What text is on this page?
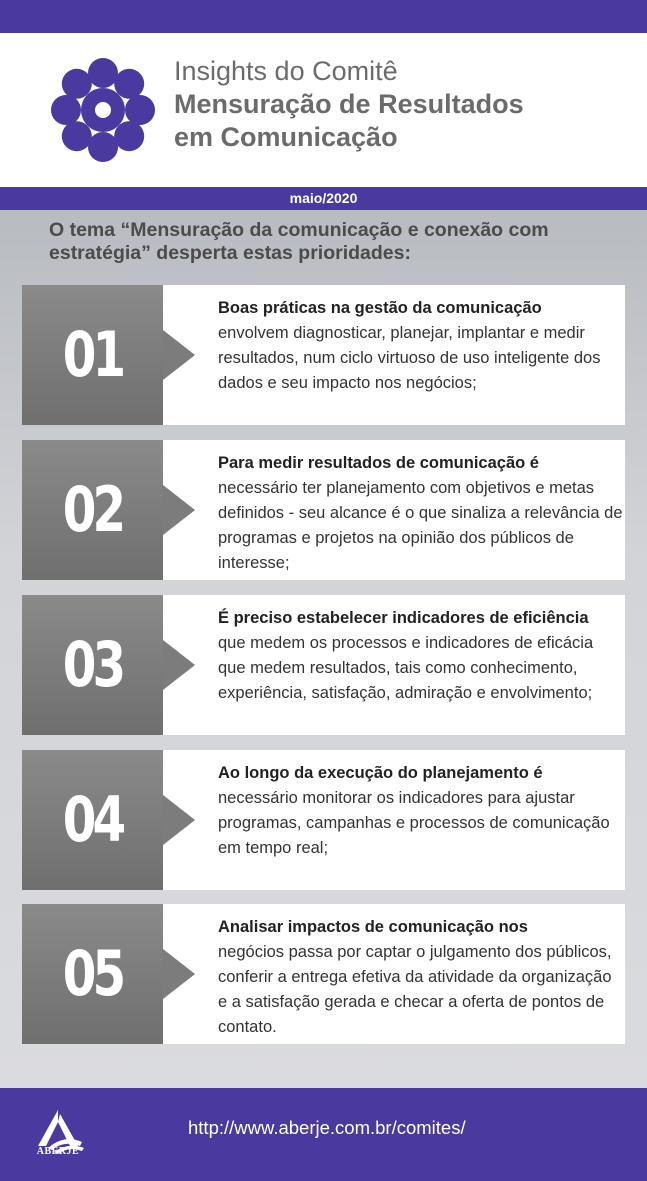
Insights do Comitê
Mensuração de Resultados
em Comunicação
maio/2020
O tema “Mensuração da comunicação e conexão com estratégia” desperta estas prioridades:
01
Boas práticas na gestão da comunicação
envolvem diagnosticar, planejar, implantar e medir resultados, num ciclo virtuoso de uso inteligente dos dados e seu impacto nos negócios;
02
Para medir resultados de comunicação é
necessário ter planejamento com objetivos e metas definidos - seu alcance é o que sinaliza a relevância de programas e projetos na opinião dos públicos de interesse;
03
É preciso estabelecer indicadores de eficiência
que medem os processos e indicadores de eficácia que medem resultados, tais como conhecimento, experiência, satisfação, admiração e envolvimento;
04
Ao longo da execução do planejamento é
necessário monitorar os indicadores para ajustar programas, campanhas e processos de comunicação em tempo real;
05
Analisar impactos de comunicação nos
negócios passa por captar o julgamento dos públicos, conferir a entrega efetiva da atividade da organização e a satisfação gerada e checar a oferta de pontos de contato.
ABERJE
http://www.aberje.com.br/comites/
